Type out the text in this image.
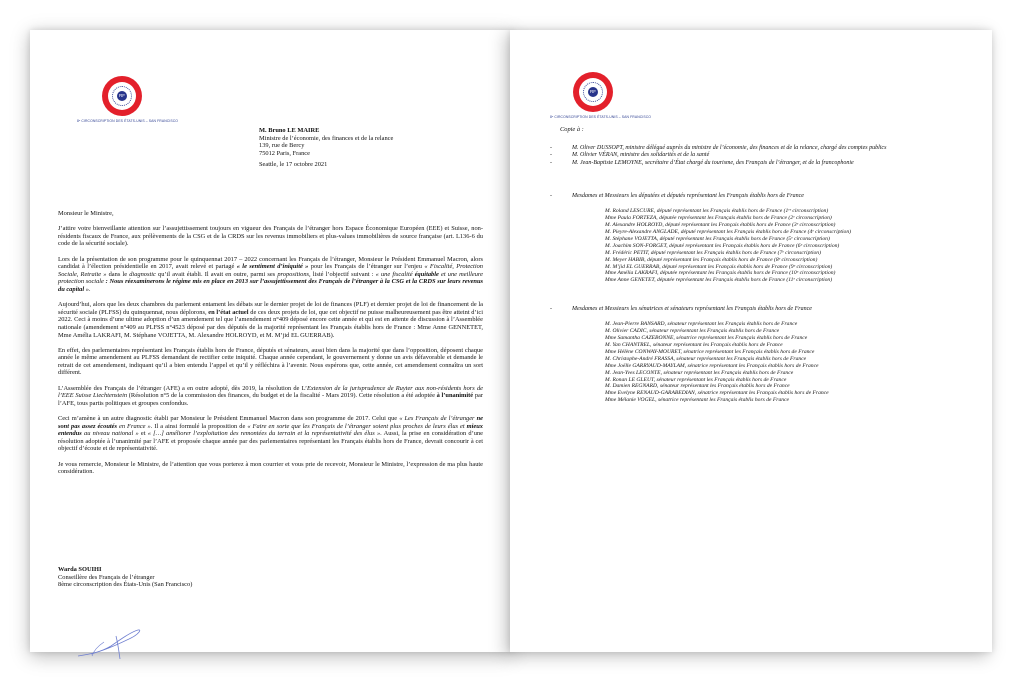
RF
8ᵉ CIRCONSCRIPTION DES ÉTATS-UNIS – SAN FRANCISCO
M. Bruno LE MAIRE
Ministre de l’économie, des finances et de la relance
139, rue de Bercy
75012 Paris, France
Seattle, le 17 octobre 2021

Monsieur le Ministre,

J’attire votre bienveillante attention sur l’assujettissement toujours en vigueur des Français de l’étranger hors Espace Économique Européen (EEE) et Suisse, non-résidents fiscaux de France, aux prélèvements de la CSG et de la CRDS sur les revenus immobiliers et plus-values immobilières de source française (art. L136-6 du code de la sécurité sociale).

Lors de la présentation de son programme pour le quinquennat 2017 – 2022 concernant les Français de l’étranger, Monsieur le Président Emmanuel Macron, alors candidat à l’élection présidentielle en 2017, avait relevé et partagé « le sentiment d’iniquité » pour les Français de l’étranger sur l’enjeu « Fiscalité, Protection Sociale, Retraite » dans le diagnostic qu’il avait établi. Il avait en outre, parmi ses propositions, listé l’objectif suivant : « une fiscalité équitable et une meilleure protection sociale : Nous réexaminerons le régime mis en place en 2013 sur l’assujettissement des Français de l’étranger à la CSG et la CRDS sur leurs revenus du capital ».

Aujourd’hui, alors que les deux chambres du parlement entament les débats sur le dernier projet de loi de finances (PLF) et dernier projet de loi de financement de la sécurité sociale (PLFSS) du quinquennat, nous déplorons, en l’état actuel de ces deux projets de loi, que cet objectif ne puisse malheureusement pas être atteint d’ici 2022. Ceci à moins d’une ultime adoption d’un amendement tel que l’amendement n°409 déposé encore cette année et qui est en attente de discussion à l’Assemblée nationale (amendement n°409 au PLFSS n°4523 déposé par des députés de la majorité représentant les Français établis hors de France : Mme Anne GENNETET, Mme Amélia LAKRAFI, M. Stéphane VOJETTA, M. Alexandre HOLROYD, et M. M’jid EL GUERRAB).

En effet, des parlementaires représentant les Français établis hors de France, députés et sénateurs, aussi bien dans la majorité que dans l’opposition, déposent chaque année le même amendement au PLFSS demandant de rectifier cette iniquité. Chaque année cependant, le gouvernement y donne un avis défavorable et demande le retrait de cet amendement, indiquant qu’il a bien entendu l’appel et qu’il y réfléchira à l’avenir. Nous espérons que, cette année, cet amendement connaîtra un sort différent.

L’Assemblée des Français de l’étranger (AFE) a en outre adopté, dès 2019, la résolution de L’Extension de la jurisprudence de Ruyter aux non-résidents hors de l’EEE Suisse Liechtenstein (Résolution n°5 de la commission des finances, du budget et de la fiscalité - Mars 2019). Cette résolution a été adoptée à l’unanimité par l’AFE, tous partis politiques et groupes confondus.

Ceci m’amène à un autre diagnostic établi par Monsieur le Président Emmanuel Macron dans son programme de 2017. Celui que « Les Français de l’étranger ne sont pas assez écoutés en France ». Il a ainsi formulé la proposition de « Faire en sorte que les Français de l’étranger soient plus proches de leurs élus et mieux entendus au niveau national » et « […] améliorer l’exploitation des remontées du terrain et la représentativité des élus ». Aussi, la prise en considération d’une résolution adoptée à l’unanimité par l’AFE et proposée chaque année par des parlementaires représentant les Français établis hors de France, devrait concourir à cet objectif d’écoute et de représentativité.

Je vous remercie, Monsieur le Ministre, de l’attention que vous porterez à mon courrier et vous prie de recevoir, Monsieur le Ministre, l’expression de ma plus haute considération.

Warda SOUIHI
Conseillère des Français de l’étranger
8ème circonscription des États-Unis (San Francisco)
RF
8ᵉ CIRCONSCRIPTION DES ÉTATS-UNIS – SAN FRANCISCO
Copie à :
-	M. Oliver DUSSOPT, ministre délégué auprès du ministre de l’économie, des finances et de la relance, chargé des comptes publics
-	M. Olivier VÉRAN, ministre des solidarités et de la santé
-	M. Jean-Baptiste LEMOYNE, secrétaire d’État chargé du tourisme, des Français de l’étranger, et de la francophonie
-	Mesdames et Messieurs les députées et députés représentant les Français établis hors de France
M. Roland LESCURE, député représentant les Français établis hors de France (1ʳᵉ circonscription)
Mme Paula FORTEZA, députée représentant les Français établis hors de France (2ᵉ circonscription)
M. Alexandre HOLROYD, député représentant les Français établis hors de France (3ᵉ circonscription)
M. Pieyre-Alexandre ANGLADE, député représentant les Français établis hors de France (4ᵉ circonscription)
M. Stéphane VOJETTA, député représentant les Français établis hors de France (5ᵉ circonscription)
M. Joachim SON-FORGET, député représentant les Français établis hors de France (6ᵉ circonscription)
M. Frédéric PETIT, député représentant les Français établis hors de France (7ᵉ circonscription)
M. Meyer HABIB, député représentant les Français établis hors de France (8ᵉ circonscription)
M. M’jid EL GUERRAB, député représentant les Français établis hors de France (9ᵉ circonscription)
Mme Amélia LAKRAFI, députée représentant les Français établis hors de France (10ᵉ circonscription)
Mme Anne GENETET, députée représentant les Français établis hors de France (11ᵉ circonscription)
-	Mesdames et Messieurs les sénatrices et sénateurs représentant les Français établis hors de France
M. Jean-Pierre BANSARD, sénateur représentant les Français établis hors de France
M. Olivier CADIC, sénateur représentant les Français établis hors de France
Mme Samantha CAZEBONNE, sénatrice représentant les Français établis hors de France
M. Yan CHANTREL, sénateur représentant les Français établis hors de France
Mme Hélène CONWAY-MOURET, sénatrice représentant les Français établis hors de France
M. Christophe-André FRASSA, sénateur représentant les Français établis hors de France
Mme Joëlle GARRYAUD-MAYLAM, sénatrice représentant les Français établis hors de France
M. Jean-Yves LECONTE, sénateur représentant les Français établis hors de France
M. Ronan LE GLEUT, sénateur représentant les Français établis hors de France
M. Damien REGNARD, sénateur représentant les Français établis hors de France
Mme Evelyne RENAUD-GARABEDIAN, sénatrice représentant les Français établis hors de France
Mme Mélanie VOGEL, sénatrice représentant les Français établis hors de France
